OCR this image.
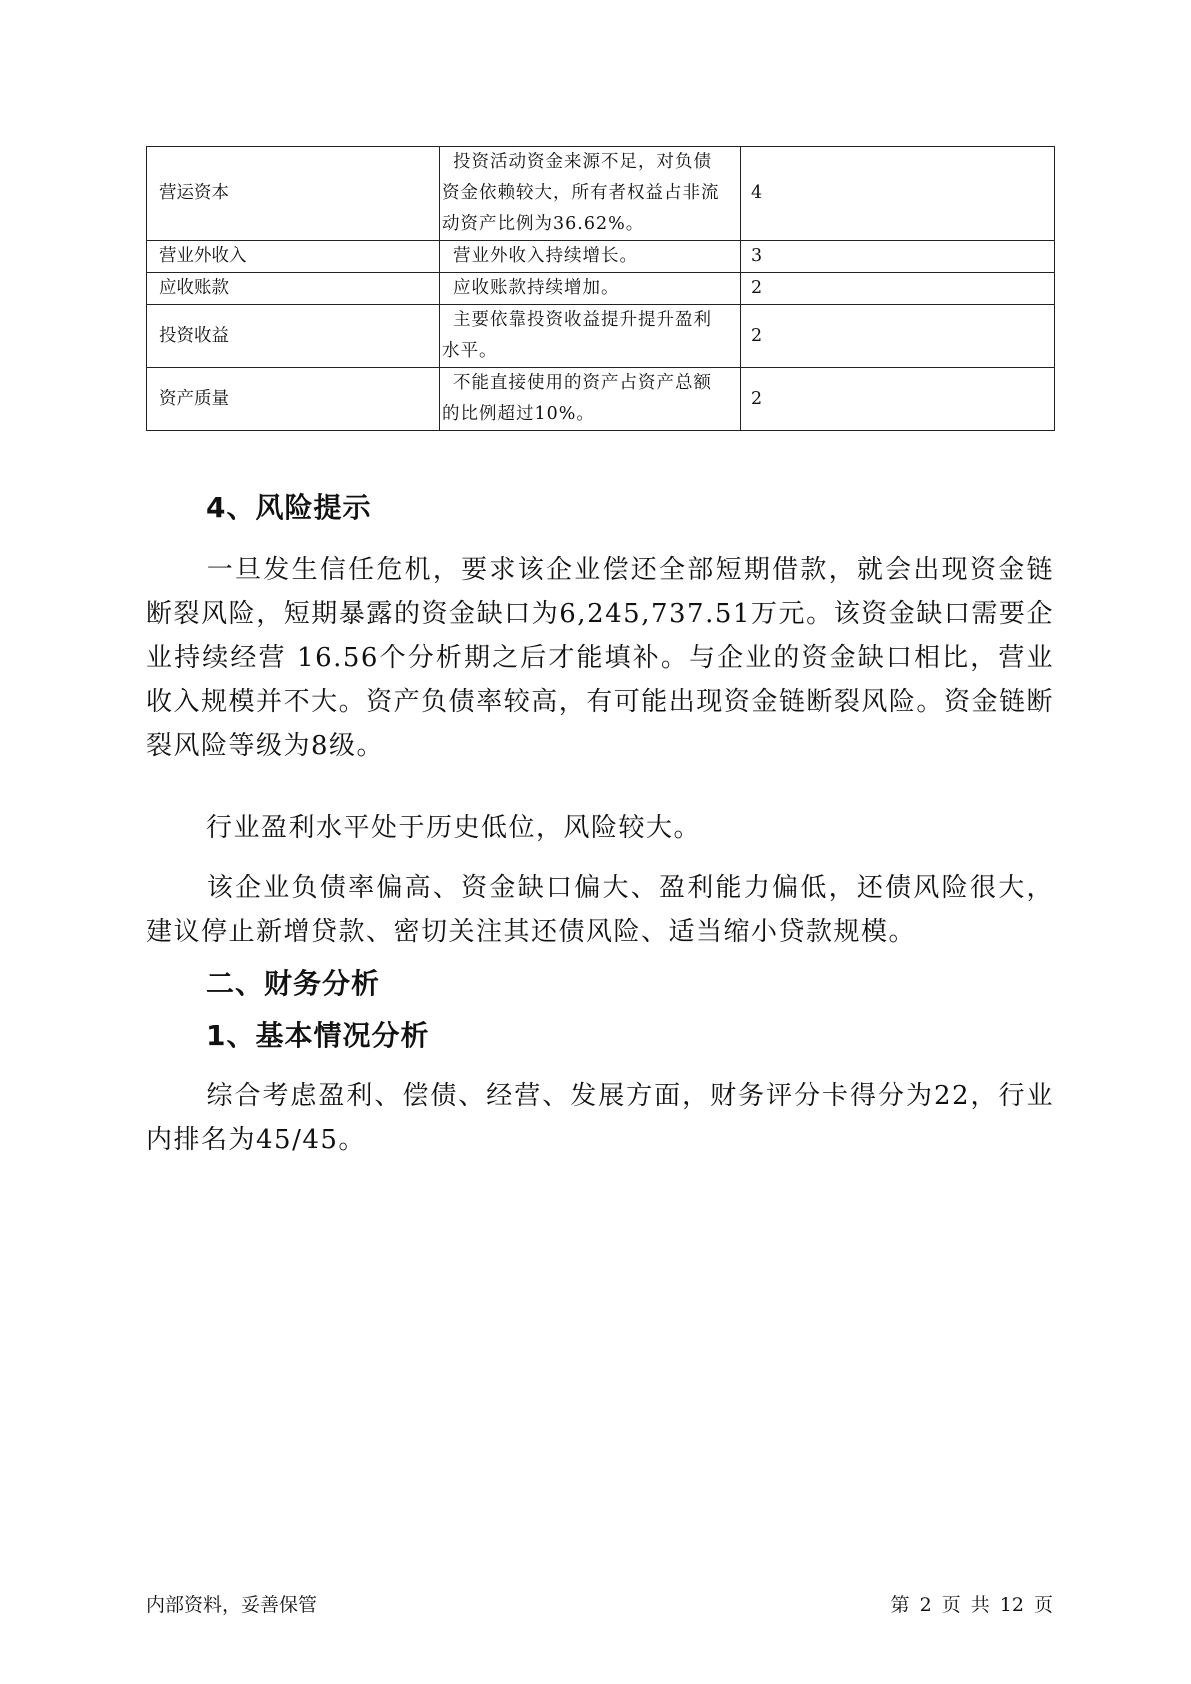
营运资本	投资活动资金来源不足，对负债
资金依赖较大，所有者权益占非流
动资产比例为36.62%。	4
营业外收入	营业外收入持续增长。	3
应收账款	应收账款持续增加。	2
投资收益	主要依靠投资收益提升提升盈利
水平。	2
资产质量	不能直接使用的资产占资产总额
的比例超过10%。	2
4、风险提示
一旦发生信任危机，要求该企业偿还全部短期借款，就会出现资金链断裂风险，短期暴露的资金缺口为6,245,737.51万元。该资金缺口需要企业持续经营 16.56个分析期之后才能填补。与企业的资金缺口相比，营业收入规模并不大。资产负债率较高，有可能出现资金链断裂风险。资金链断裂风险等级为8级。
行业盈利水平处于历史低位，风险较大。
该企业负债率偏高、资金缺口偏大、盈利能力偏低，还债风险很大，建议停止新增贷款、密切关注其还债风险、适当缩小贷款规模。
二、财务分析
1、基本情况分析
综合考虑盈利、偿债、经营、发展方面，财务评分卡得分为22，行业内排名为45/45。
内部资料，妥善保管	第 2 页 共 12 页
